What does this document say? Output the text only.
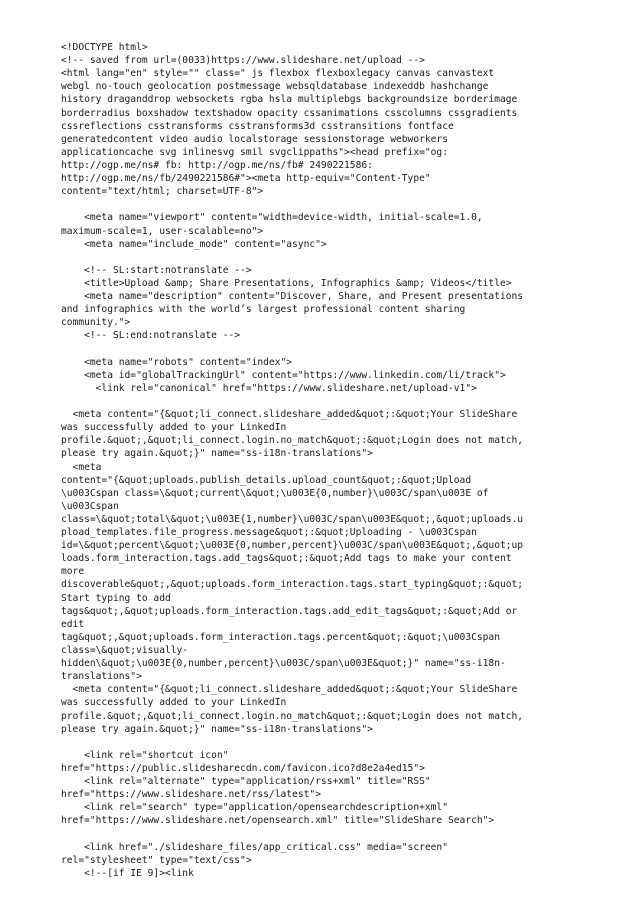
<!DOCTYPE html>
<!-- saved from url=(0033)https://www.slideshare.net/upload -->
<html lang="en" style="" class=" js flexbox flexboxlegacy canvas canvastext
webgl no-touch geolocation postmessage websqldatabase indexeddb hashchange
history draganddrop websockets rgba hsla multiplebgs backgroundsize borderimage
borderradius boxshadow textshadow opacity cssanimations csscolumns cssgradients
cssreflections csstransforms csstransforms3d csstransitions fontface
generatedcontent video audio localstorage sessionstorage webworkers
applicationcache svg inlinesvg smil svgclippaths"><head prefix="og:
http://ogp.me/ns# fb: http://ogp.me/ns/fb# 2490221586:
http://ogp.me/ns/fb/2490221586#"><meta http-equiv="Content-Type"
content="text/html; charset=UTF-8">
<meta name="viewport" content="width=device-width, initial-scale=1.0,
maximum-scale=1, user-scalable=no">
<meta name="include_mode" content="async">
<!-- SL:start:notranslate -->
<title>Upload &amp; Share Presentations, Infographics &amp; Videos</title>
<meta name="description" content="Discover, Share, and Present presentations
and infographics with the world’s largest professional content sharing
community.">
<!-- SL:end:notranslate -->
<meta name="robots" content="index">
<meta id="globalTrackingUrl" content="https://www.linkedin.com/li/track">
<link rel="canonical" href="https://www.slideshare.net/upload-v1">
<meta content="{&quot;li_connect.slideshare_added&quot;:&quot;Your SlideShare
was successfully added to your LinkedIn
profile.&quot;,&quot;li_connect.login.no_match&quot;:&quot;Login does not match,
please try again.&quot;}" name="ss-i18n-translations">
<meta
content="{&quot;uploads.publish_details.upload_count&quot;:&quot;Upload
\u003Cspan class=\&quot;current\&quot;\u003E{0,number}\u003C/span\u003E of
\u003Cspan
class=\&quot;total\&quot;\u003E{1,number}\u003C/span\u003E&quot;,&quot;uploads.u
pload_templates.file_progress.message&quot;:&quot;Uploading - \u003Cspan
id=\&quot;percent\&quot;\u003E{0,number,percent}\u003C/span\u003E&quot;,&quot;up
loads.form_interaction.tags.add_tags&quot;:&quot;Add tags to make your content
more
discoverable&quot;,&quot;uploads.form_interaction.tags.start_typing&quot;:&quot;
Start typing to add
tags&quot;,&quot;uploads.form_interaction.tags.add_edit_tags&quot;:&quot;Add or
edit
tag&quot;,&quot;uploads.form_interaction.tags.percent&quot;:&quot;\u003Cspan
class=\&quot;visually-
hidden\&quot;\u003E{0,number,percent}\u003C/span\u003E&quot;}" name="ss-i18n-
translations">
<meta content="{&quot;li_connect.slideshare_added&quot;:&quot;Your SlideShare
was successfully added to your LinkedIn
profile.&quot;,&quot;li_connect.login.no_match&quot;:&quot;Login does not match,
please try again.&quot;}" name="ss-i18n-translations">
<link rel="shortcut icon"
href="https://public.slidesharecdn.com/favicon.ico?d8e2a4ed15">
<link rel="alternate" type="application/rss+xml" title="RSS"
href="https://www.slideshare.net/rss/latest">
<link rel="search" type="application/opensearchdescription+xml"
href="https://www.slideshare.net/opensearch.xml" title="SlideShare Search">
<link href="./slideshare_files/app_critical.css" media="screen"
rel="stylesheet" type="text/css">
<!--[if IE 9]><link
